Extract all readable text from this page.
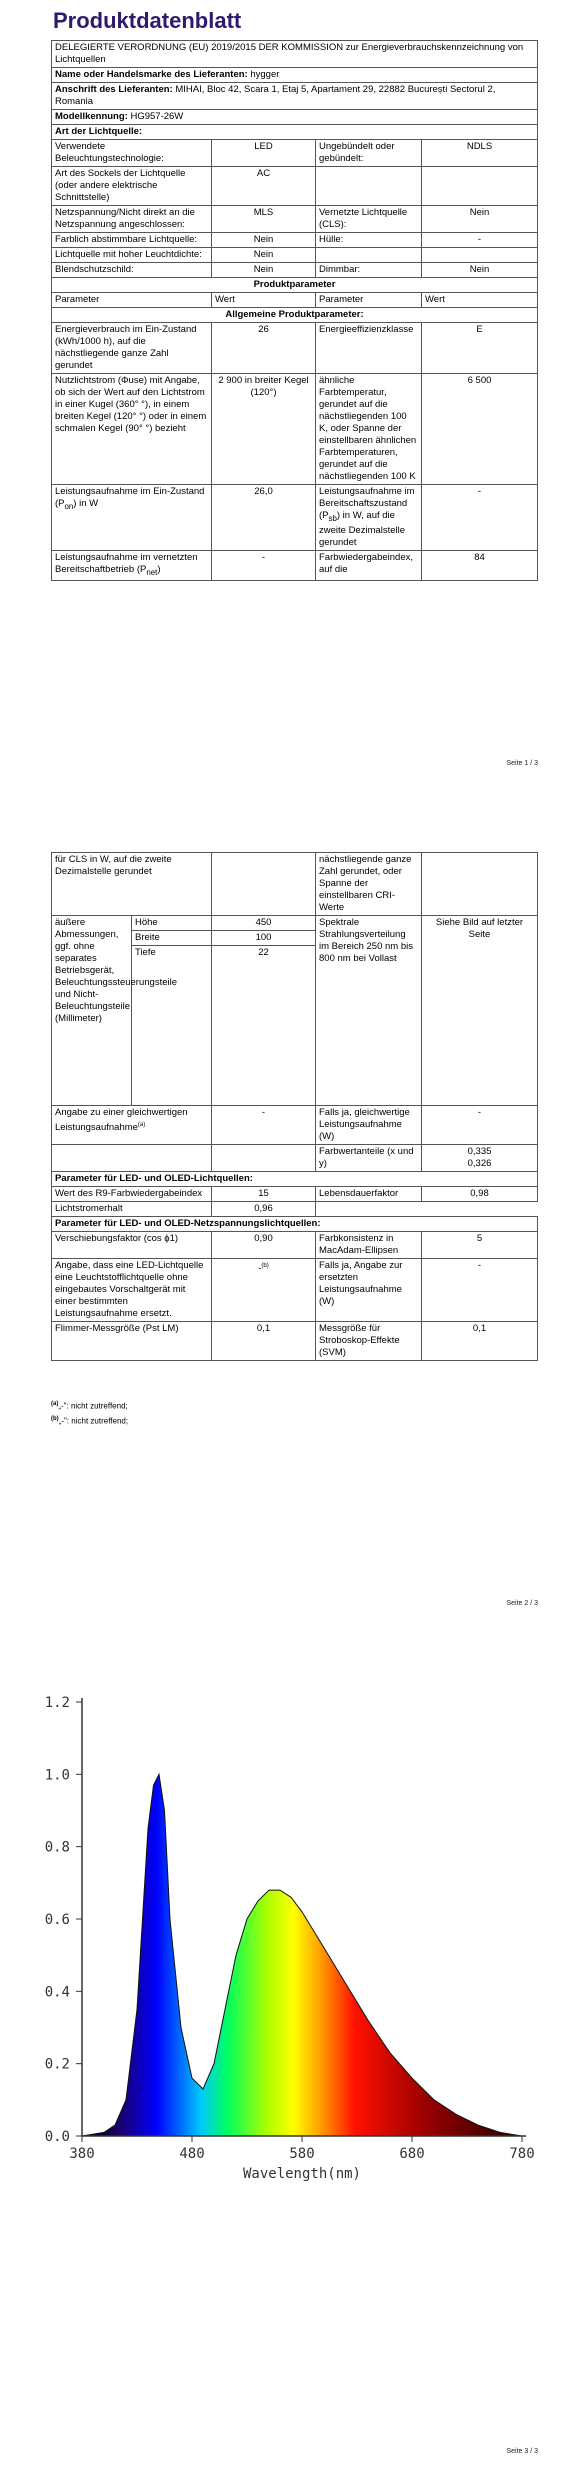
Produktdatenblatt
DELEGIERTE VERORDNUNG (EU) 2019/2015 DER KOMMISSION zur Energieverbrauchskennzeichnung von Lichtquellen			
Name oder Handelsmarke des Lieferanten: hygger			
Anschrift des Lieferanten: MIHAI, Bloc 42, Scara 1, Etaj 5, Apartament 29, 22882 București Sectorul 2, Romania			
Modellkennung: HG957-26W			
Art der Lichtquelle:			
Verwendete Beleuchtungstechnologie:	LED	Ungebündelt oder gebündelt:	NDLS
Art des Sockels der Lichtquelle (oder andere elektrische Schnittstelle)	AC		
Netzspannung/Nicht direkt an die Netzspannung angeschlossen:	MLS	Vernetzte Lichtquelle (CLS):	Nein
Farblich abstimmbare Lichtquelle:	Nein	Hülle:	-
Lichtquelle mit hoher Leuchtdichte:	Nein		
Blendschutzschild:	Nein	Dimmbar:	Nein
Produktparameter			
Parameter	Wert	Parameter	Wert
Allgemeine Produktparameter:			
Energieverbrauch im Ein-Zustand (kWh/1000 h), auf die nächstliegende ganze Zahl gerundet	26	Energieeffizienzklasse	E
Nutzlichtstrom (Φuse) mit Angabe, ob sich der Wert auf den Lichtstrom in einer Kugel (360° °), in einem breiten Kegel (120° °) oder in einem schmalen Kegel (90° °) bezieht	2 900 in breiter Kegel (120°)	ähnliche Farbtemperatur, gerundet auf die nächstliegenden 100 K, oder Spanne der einstellbaren ähnlichen Farbtemperaturen, gerundet auf die nächstliegenden 100 K	6 500
Leistungsaufnahme im Ein-Zustand $(P_{on})$ in W	26,0	Leistungsaufnahme im Bereitschaftszustand $(P_{sb})$ in W, auf die zweite Dezimalstelle gerundet	-
Leistungsaufnahme im vernetzten Bereitschaftbetrieb $(P_{net})$	-	Farbwiedergabeindex, auf die	84
Seite 1 / 3
für CLS in W, auf die zweite Dezimalstelle gerundet			nächstliegende ganze Zahl gerundet, oder Spanne der einstellbaren CRI-Werte	
äußere Abmessungen, ggf. ohne separates Betriebsgerät, Beleuchtungssteuerungsteile und Nicht-Beleuchtungsteile (Millimeter)	Höhe	450	Spektrale Strahlungsverteilung im Bereich 250 nm bis 800 nm bei Vollast	Siehe Bild auf letzter Seite
	Breite	100		
	Tiefe	22		
Angabe zu einer gleichwertigen Leistungsaufnahme$^{(a)}$		-	Falls ja, gleichwertige Leistungsaufnahme (W)	-
			Farbwertanteile (x und y)	0,335
0,326

Parameter für LED- und OLED-Lichtquellen:				
Wert des R9-Farbwiedergabeindex		15	Lebensdauerfaktor	0,98
Lichtstromerhalt		0,96		
Parameter für LED- und OLED-Netzspannungslichtquellen:				
Verschiebungsfaktor (cos ϕ1)		0,90	Farbkonsistenz in MacAdam-Ellipsen	5
Angabe, dass eine LED-Lichtquelle eine Leuchtstofflichtquelle ohne eingebautes Vorschaltgerät mit einer bestimmten Leistungsaufnahme ersetzt.		-$^{(b)}$	Falls ja, Angabe zur ersetzten Leistungsaufnahme (W)	-
Flimmer-Messgröße (Pst LM)		0,1	Messgröße für Stroboskop-Effekte (SVM)	0,1
$^{(a)}$„-": nicht zutreffend;
$^{(b)}$„-": nicht zutreffend;
Seite 2 / 3
380	480	580	680	780
0.0
0.2
0.4
0.6
0.8
1.0
1.2
Wavelength(nm)
Seite 3 / 3
